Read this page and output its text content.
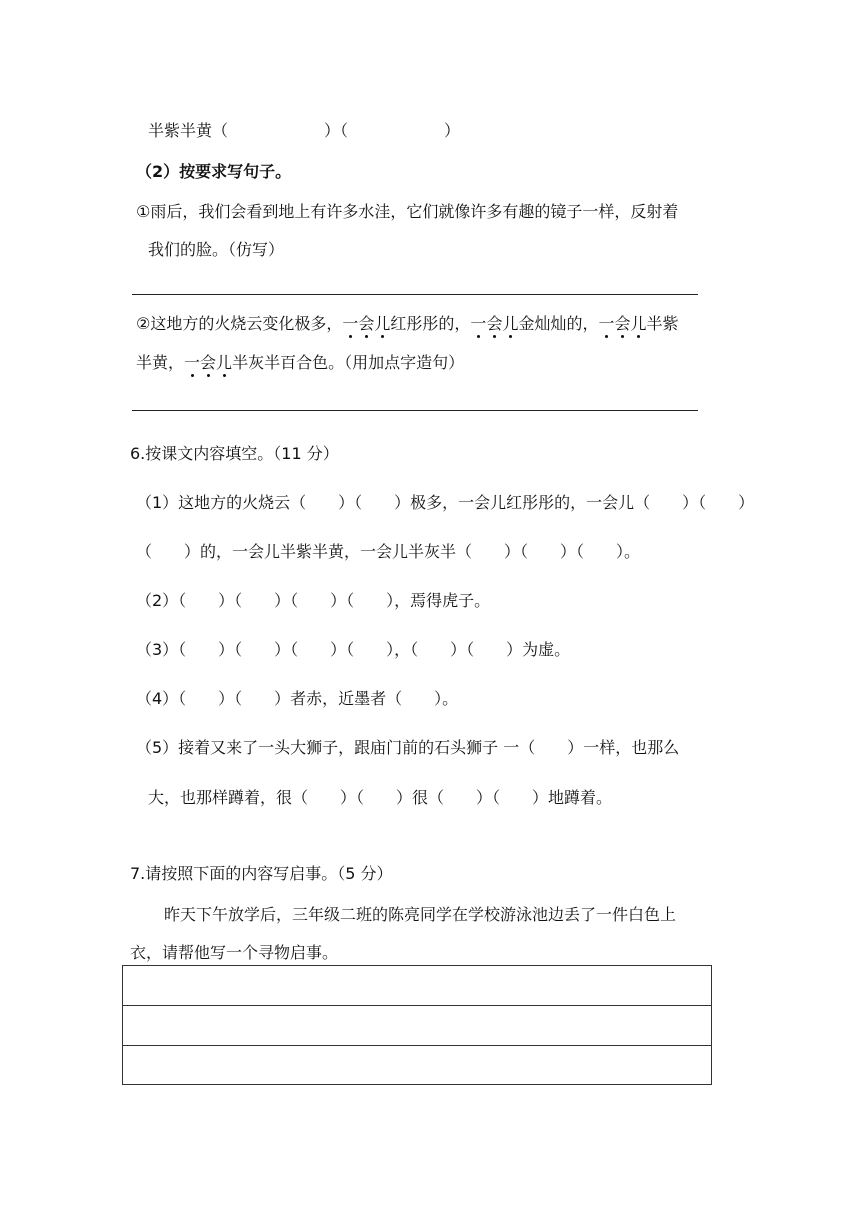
半紫半黄（　　　　　　）（　　　　　　）
（2）按要求写句子。
①雨后，我们会看到地上有许多水洼，它们就像许多有趣的镜子一样，反射着
我们的脸。（仿写）
②这地方的火烧云变化极多，一会儿红彤彤的，一会儿金灿灿的，一会儿半紫
半黄，一会儿半灰半百合色。（用加点字造句）
6.按课文内容填空。（11 分）
（1）这地方的火烧云（　　）（　　）极多，一会儿红彤彤的，一会儿（　　）（　　）
（　　）的，一会儿半紫半黄，一会儿半灰半（　　）（　　）（　　）。
（2）（　　）（　　）（　　）（　　），焉得虎子。
（3）（　　）（　　）（　　）（　　），（　　）（　　）为虚。
（4）（　　）（　　）者赤，近墨者（　　）。
（5）接着又来了一头大狮子，跟庙门前的石头狮子 一（　　）一样，也那么
大，也那样蹲着，很（　　）（　　）很（　　）（　　）地蹲着。
7.请按照下面的内容写启事。（5 分）
昨天下午放学后，三年级二班的陈亮同学在学校游泳池边丢了一件白色上
衣，请帮他写一个寻物启事。
